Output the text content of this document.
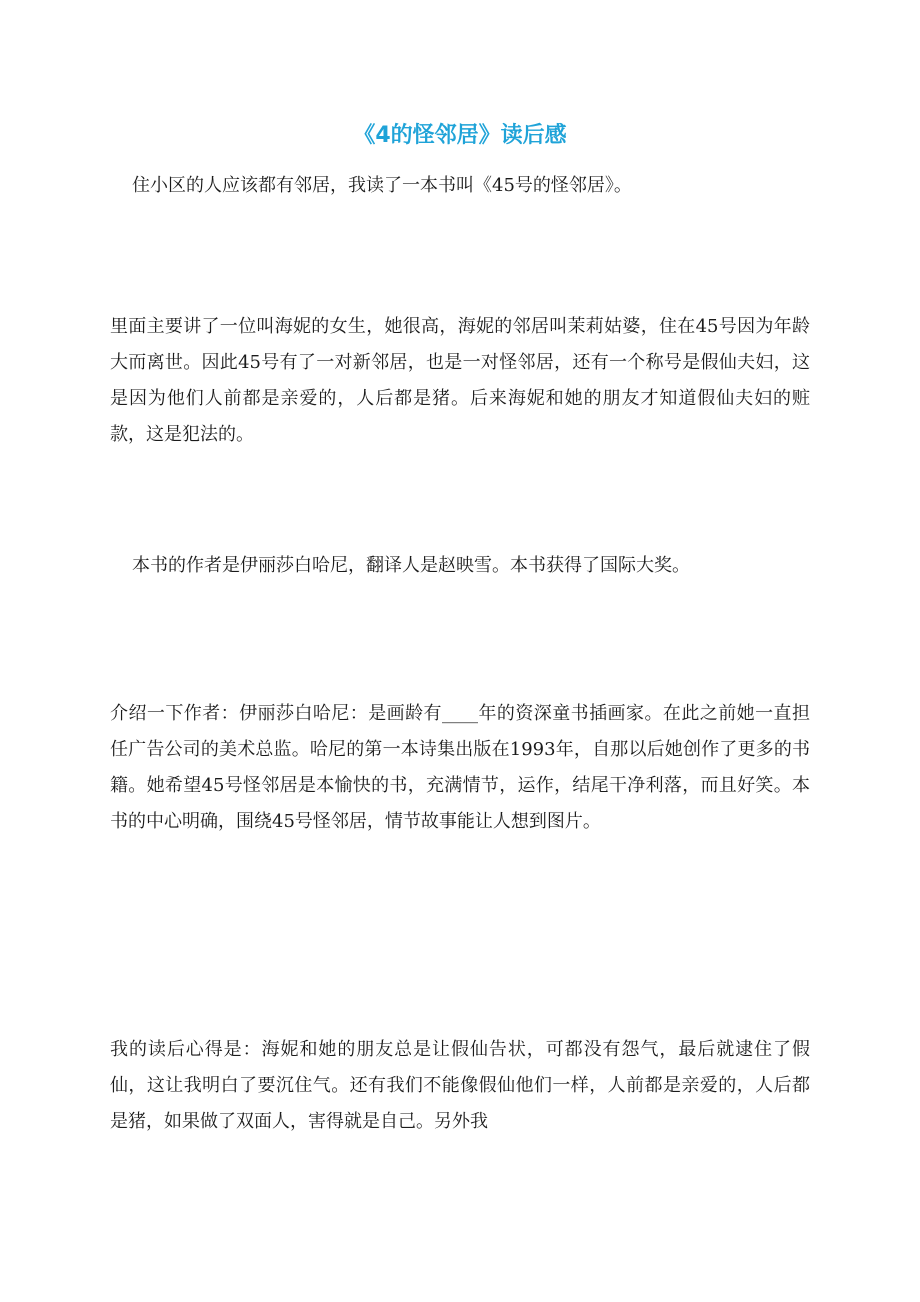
《4的怪邻居》读后感

住小区的人应该都有邻居，我读了一本书叫《45号的怪邻居》。

里面主要讲了一位叫海妮的女生，她很高，海妮的邻居叫茉莉姑婆，住在45号因为年龄大而离世。因此45号有了一对新邻居，也是一对怪邻居，还有一个称号是假仙夫妇，这是因为他们人前都是亲爱的，人后都是猪。后来海妮和她的朋友才知道假仙夫妇的赃款，这是犯法的。

本书的作者是伊丽莎白哈尼，翻译人是赵映雪。本书获得了国际大奖。

介绍一下作者：伊丽莎白哈尼：是画龄有____年的资深童书插画家。在此之前她一直担任广告公司的美术总监。哈尼的第一本诗集出版在1993年，自那以后她创作了更多的书籍。她希望45号怪邻居是本愉快的书，充满情节，运作，结尾干净利落，而且好笑。本书的中心明确，围绕45号怪邻居，情节故事能让人想到图片。

我的读后心得是：海妮和她的朋友总是让假仙告状，可都没有怨气，最后就逮住了假仙，这让我明白了要沉住气。还有我们不能像假仙他们一样，人前都是亲爱的，人后都是猪，如果做了双面人，害得就是自己。另外我
